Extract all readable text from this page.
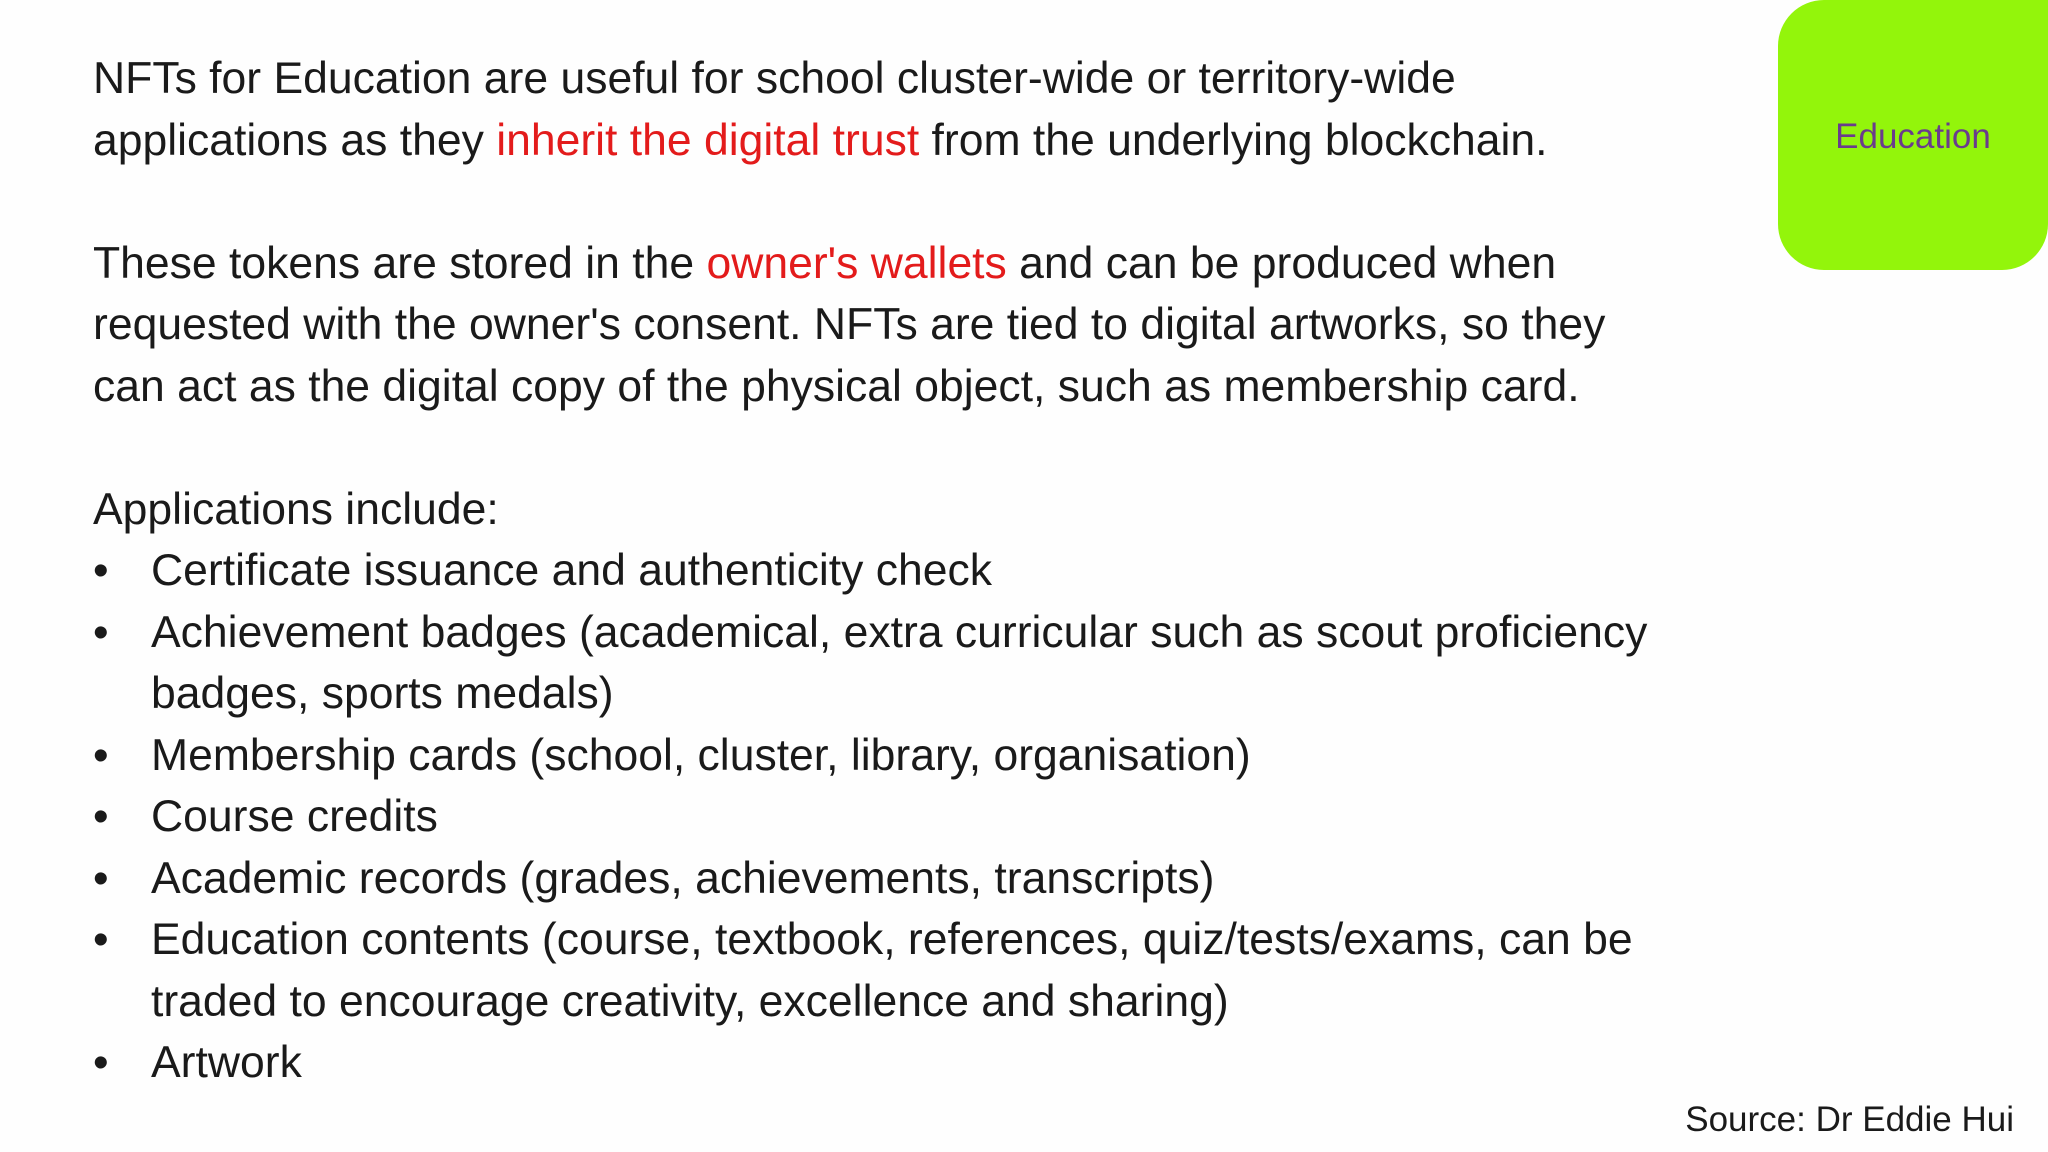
Education

NFTs for Education are useful for school cluster-wide or territory-wide
applications as they inherit the digital trust from the underlying blockchain.

These tokens are stored in the owner's wallets and can be produced when
requested with the owner's consent. NFTs are tied to digital artworks, so they
can act as the digital copy of the physical object, such as membership card.

Applications include:

• Certificate issuance and authenticity check
• Achievement badges (academical, extra curricular such as scout proficiency
badges, sports medals)
• Membership cards (school, cluster, library, organisation)
• Course credits
• Academic records (grades, achievements, transcripts)
• Education contents (course, textbook, references, quiz/tests/exams, can be
traded to encourage creativity, excellence and sharing)
• Artwork
Source: Dr Eddie Hui
